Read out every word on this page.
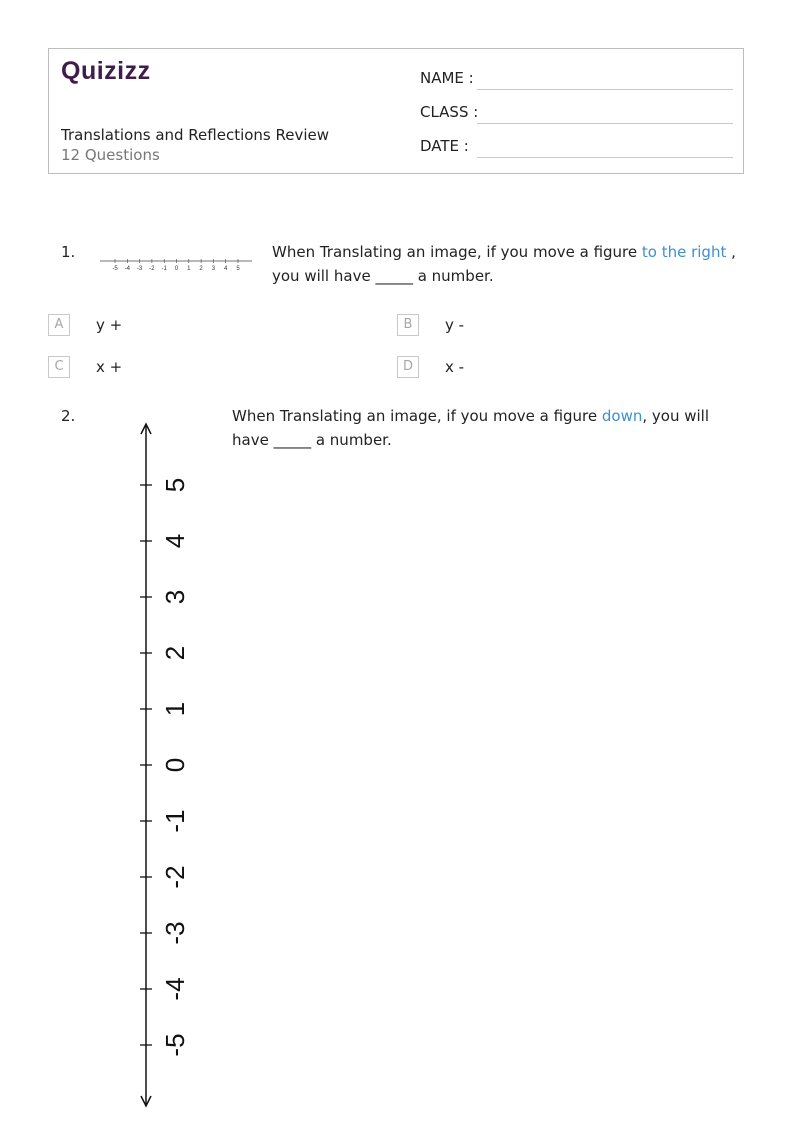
Quizizz
Translations and Reflections Review
12 Questions
NAME :
CLASS :
DATE :
1.
-5 -4 -3 -2 -1 0 1 2 3 4 5
When Translating an image, if you move a figure to the right , you will have _____ a number.
A	y +	B	y -
C	x +	D	x -
2.	When Translating an image, if you move a figure down, you will have _____ a number.
5
4
3
2
1
0
-1
-2
-3
-4
-5
